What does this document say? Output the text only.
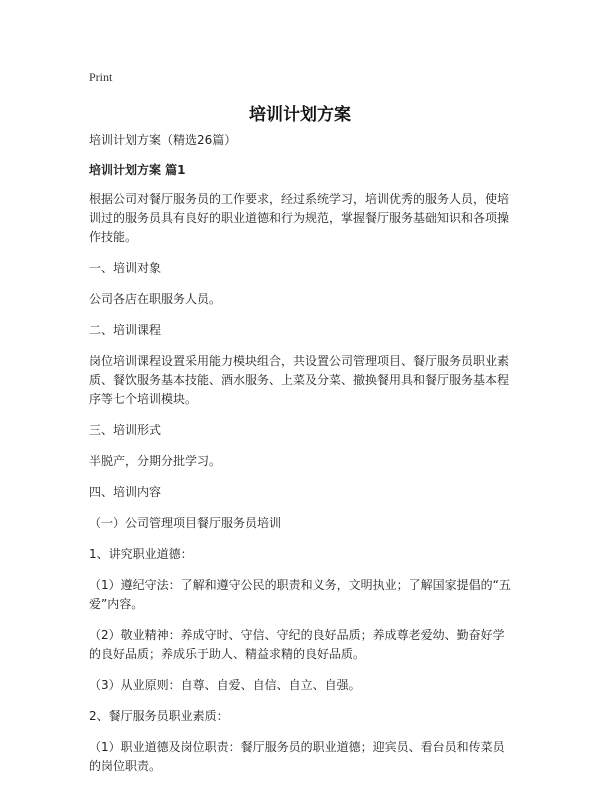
Print
培训计划方案

培训计划方案（精选26篇）

培训计划方案 篇1

根据公司对餐厅服务员的工作要求，经过系统学习，培训优秀的服务人员，使培训过的服务员具有良好的职业道德和行为规范，掌握餐厅服务基础知识和各项操作技能。

一、培训对象

公司各店在职服务人员。

二、培训课程

岗位培训课程设置采用能力模块组合，共设置公司管理项目、餐厅服务员职业素质、餐饮服务基本技能、酒水服务、上菜及分菜、撤换餐用具和餐厅服务基本程序等七个培训模块。

三、培训形式

半脱产，分期分批学习。

四、培训内容

（一）公司管理项目餐厅服务员培训

1、讲究职业道德：

（1）遵纪守法：了解和遵守公民的职责和义务，文明执业；了解国家提倡的“五爱”内容。

（2）敬业精神：养成守时、守信、守纪的良好品质；养成尊老爱幼、勤奋好学的良好品质；养成乐于助人、精益求精的良好品质。

（3）从业原则：自尊、自爱、自信、自立、自强。

2、餐厅服务员职业素质：

（1）职业道德及岗位职责：餐厅服务员的职业道德；迎宾员、看台员和传菜员的岗位职责。
